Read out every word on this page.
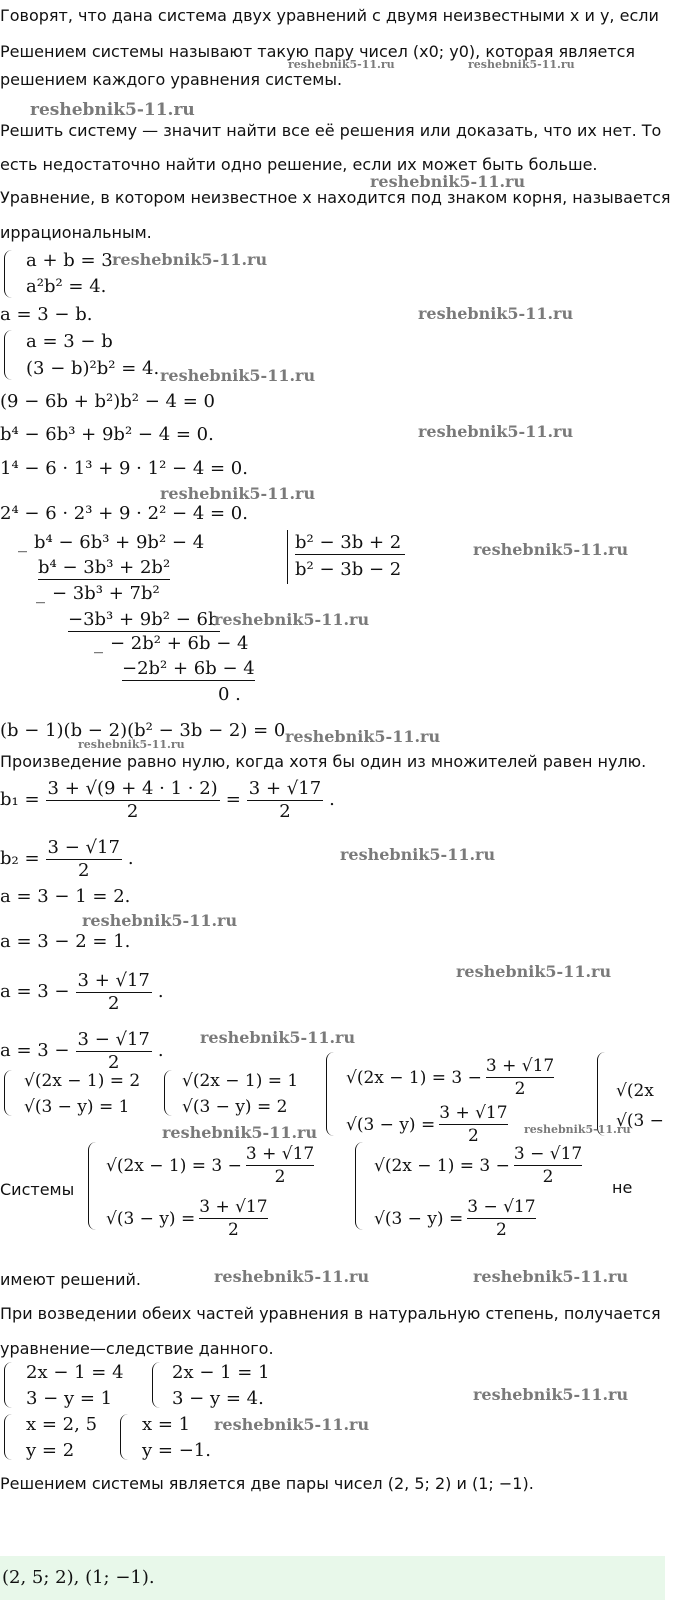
Говорят, что дана система двух уравнений с двумя неизвестными x и y, если
Решением системы называют такую пару чисел (x0; y0), которая является
решением каждого уравнения системы.
Решить систему — значит найти все её решения или доказать, что их нет. То
есть недостаточно найти одно решение, если их может быть больше.
Уравнение, в котором неизвестное x находится под знаком корня, называется
иррациональным.
a + b = 3
a²b² = 4.
a = 3 − b.
a = 3 − b
(3 − b)²b² = 4.
(9 − 6b + b²)b² − 4 = 0
b⁴ − 6b³ + 9b² − 4 = 0.
1⁴ − 6 · 1³ + 9 · 1² − 4 = 0.
2⁴ − 6 · 2³ + 9 · 2² − 4 = 0.
_ b⁴ − 6b³ + 9b² − 4
b⁴ − 3b³ + 2b²
_ − 3b³ + 7b²
−3b³ + 9b² − 6b
_ − 2b² + 6b − 4
−2b² + 6b − 4
0 .
b² − 3b + 2
b² − 3b − 2
(b − 1)(b − 2)(b² − 3b − 2) = 0.
Произведение равно нулю, когда хотя бы один из множителей равен нулю.
$b_1 = \frac{3 + √(9 + 4 \cdot 1 \cdot 2)}{2} = \frac{3 + √17}{2}$ .
$b_2 = \frac{3 - √17}{2}$ .
a = 3 − 1 = 2.
a = 3 − 2 = 1.
$a = 3 - \frac{3 + √17}{2}$ .
$a = 3 - \frac{3 - √17}{2}$ .
√(2x − 1) = 2
√(3 − y) = 1
√(2x − 1) = 1
√(3 − y) = 2
$√(2x - 1) = 3 - \frac{3 + √17}{2}$
$√(3 - y) = \frac{3 + √17}{2}$
√(2x
√(3 −
Системы
$√(2x - 1) = 3 - \frac{3 + √17}{2}$
$√(3 - y) = \frac{3 + √17}{2}$
$√(2x - 1) = 3 - \frac{3 - √17}{2}$
$√(3 - y) = \frac{3 - √17}{2}$
не
имеют решений.
При возведении обеих частей уравнения в натуральную степень, получается
уравнение—следствие данного.
2x − 1 = 4
3 − y = 1
2x − 1 = 1
3 − y = 4.
x = 2, 5
y = 2
x = 1
y = −1.
Решением системы является две пары чисел (2, 5; 2) и (1; −1).
(2, 5; 2), (1; −1).
reshebnik5-11.ru	reshebnik5-11.ru
reshebnik5-11.ru
reshebnik5-11.ru
reshebnik5-11.ru
reshebnik5-11.ru
reshebnik5-11.ru
reshebnik5-11.ru
reshebnik5-11.ru
reshebnik5-11.ru
reshebnik5-11.ru
reshebnik5-11.ru
reshebnik5-11.ru
reshebnik5-11.ru
reshebnik5-11.ru
reshebnik5-11.ru
reshebnik5-11.ru
reshebnik5-11.ru
reshebnik5-11.ru
reshebnik5-11.ru	reshebnik5-11.ru
reshebnik5-11.ru
reshebnik5-11.ru
